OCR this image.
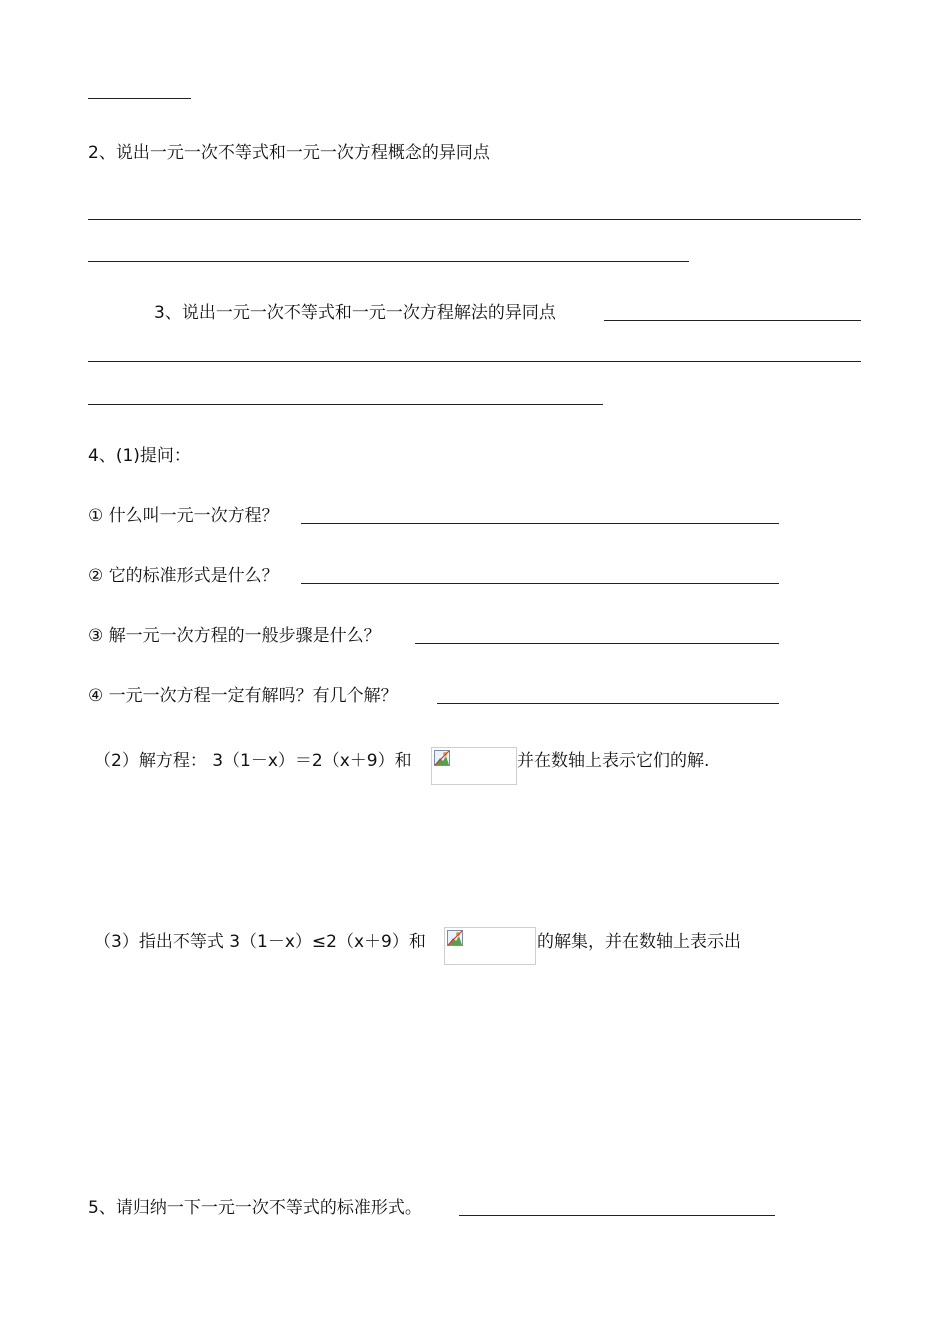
2、说出一元一次不等式和一元一次方程概念的异同点
3、说出一元一次不等式和一元一次方程解法的异同点
4、(1)提问：
① 什么叫一元一次方程？
② 它的标准形式是什么？
③ 解一元一次方程的一般步骤是什么？
④ 一元一次方程一定有解吗？有几个解？
（2）解方程： 3（1－x）＝2（x＋9）和	并在数轴上表示它们的解.
（3）指出不等式 3（1－x）≤2（x＋9）和	的解集，并在数轴上表示出
5、请归纳一下一元一次不等式的标准形式。
